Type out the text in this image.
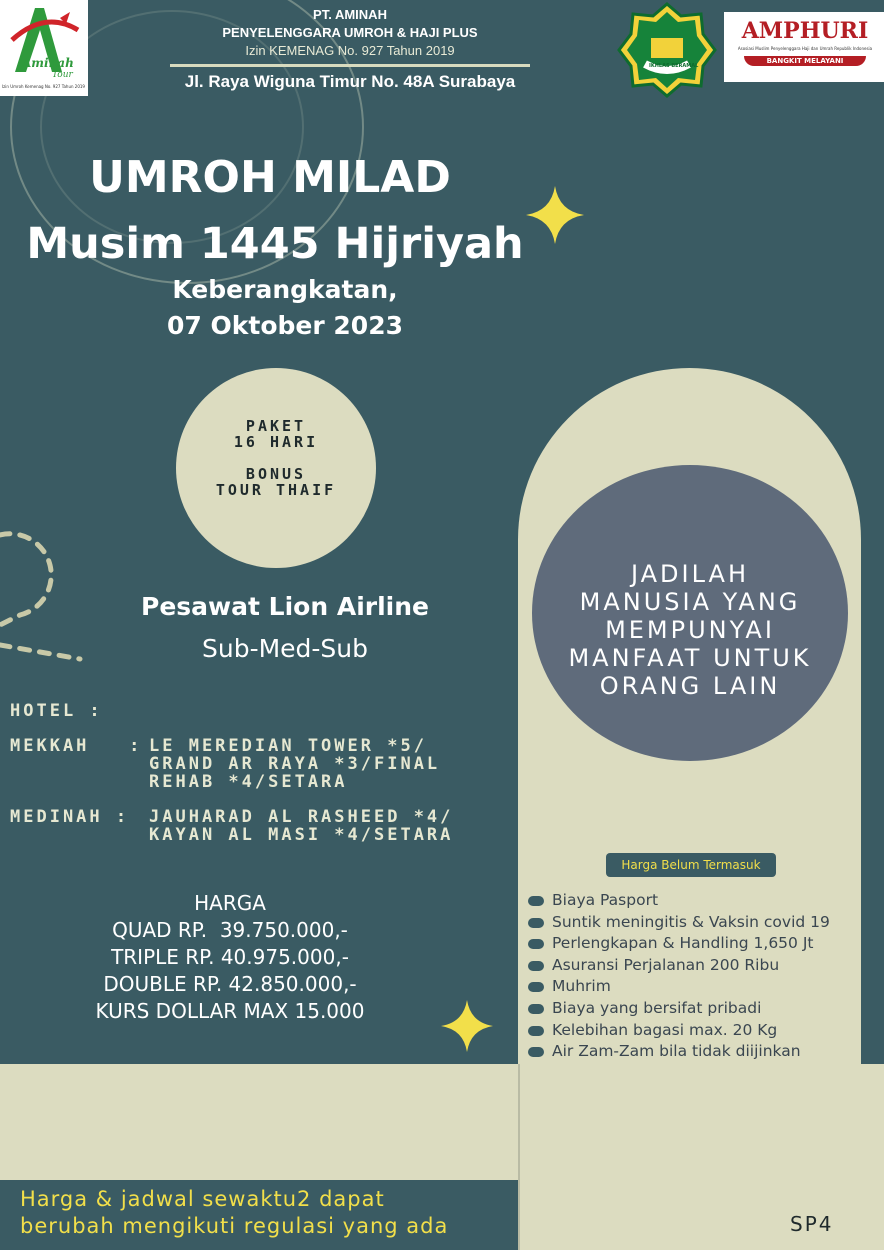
Aminah
Tour
Izin Umroh Kemenag No. 927 Tahun 2019
PT. AMINAH
PENYELENGGARA UMROH & HAJI PLUS
Izin KEMENAG No. 927 Tahun 2019
Jl. Raya Wiguna Timur No. 48A Surabaya
IKHLAS BERAMAL
AMPHURI
Asosiasi Muslim Penyelenggara Haji dan Umrah Republik Indonesia
BANGKIT MELAYANI
UMROH MILAD
Musim 1445 Hijriyah
Keberangkatan,
07 Oktober 2023
PAKET
16 HARI
BONUS
TOUR THAIF
Pesawat Lion Airline
Sub-Med-Sub
HOTEL :
MEKKAH   : LE MEREDIAN TOWER *5/
GRAND AR RAYA *3/FINAL
REHAB *4/SETARA
MEDINAH : JAUHARAD AL RASHEED *4/
KAYAN AL MASI *4/SETARA
HARGA
QUAD RP.  39.750.000,-
TRIPLE RP. 40.975.000,-
DOUBLE RP. 42.850.000,-
KURS DOLLAR MAX 15.000
Harga & jadwal sewaktu2 dapat
berubah mengikuti regulasi yang ada
JADILAH
MANUSIA YANG
MEMPUNYAI
MANFAAT UNTUK
ORANG LAIN
Harga Belum Termasuk
Biaya Pasport
Suntik meningitis & Vaksin covid 19
Perlengkapan & Handling 1,650 Jt
Asuransi Perjalanan 200 Ribu
Muhrim
Biaya yang bersifat pribadi
Kelebihan bagasi max. 20 Kg
Air Zam-Zam bila tidak diijinkan
SP4
